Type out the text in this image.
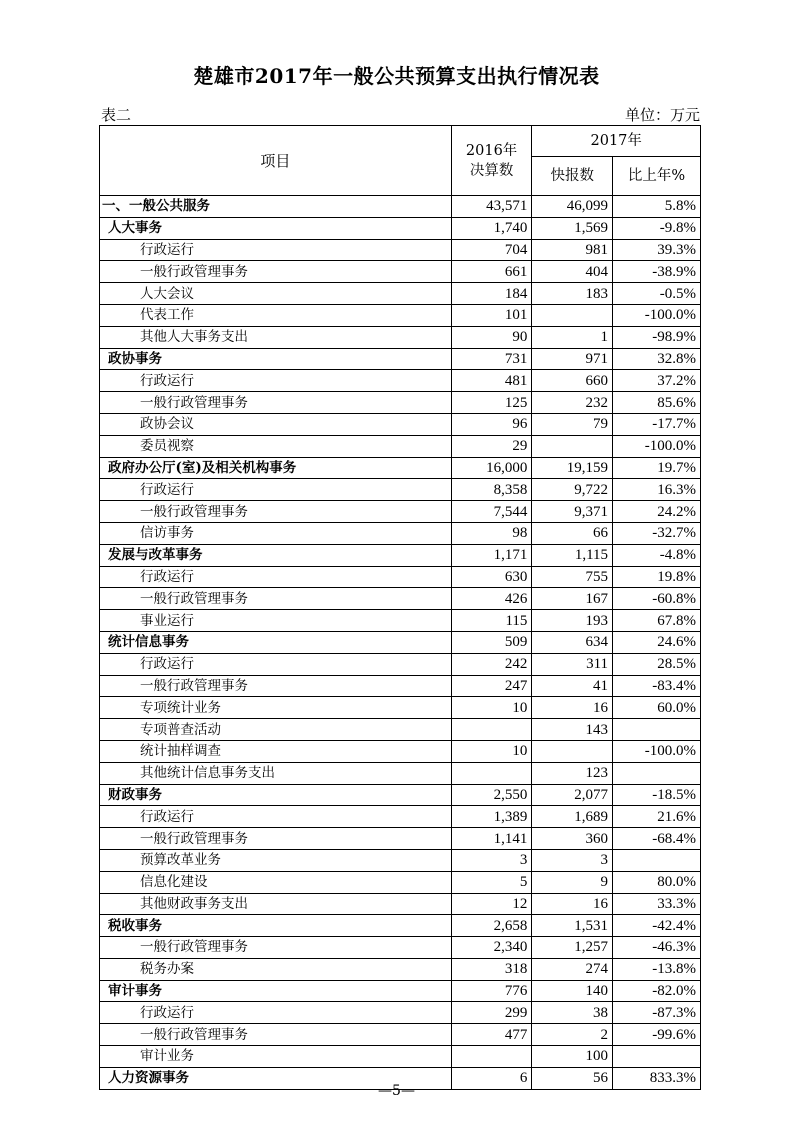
楚雄市2017年一般公共预算支出执行情况表
表二	单位：万元
项目	2016年决算数	2017年	
		快报数	比上年%
一、一般公共服务	43,571	46,099	5.8%
人大事务	1,740	1,569	-9.8%
行政运行	704	981	39.3%
一般行政管理事务	661	404	-38.9%
人大会议	184	183	-0.5%
代表工作	101		-100.0%
其他人大事务支出	90	1	-98.9%
政协事务	731	971	32.8%
行政运行	481	660	37.2%
一般行政管理事务	125	232	85.6%
政协会议	96	79	-17.7%
委员视察	29		-100.0%
政府办公厅(室)及相关机构事务	16,000	19,159	19.7%
行政运行	8,358	9,722	16.3%
一般行政管理事务	7,544	9,371	24.2%
信访事务	98	66	-32.7%
发展与改革事务	1,171	1,115	-4.8%
行政运行	630	755	19.8%
一般行政管理事务	426	167	-60.8%
事业运行	115	193	67.8%
统计信息事务	509	634	24.6%
行政运行	242	311	28.5%
一般行政管理事务	247	41	-83.4%
专项统计业务	10	16	60.0%
专项普查活动		143	
统计抽样调查	10		-100.0%
其他统计信息事务支出		123	
财政事务	2,550	2,077	-18.5%
行政运行	1,389	1,689	21.6%
一般行政管理事务	1,141	360	-68.4%
预算改革业务	3	3	
信息化建设	5	9	80.0%
其他财政事务支出	12	16	33.3%
税收事务	2,658	1,531	-42.4%
一般行政管理事务	2,340	1,257	-46.3%
税务办案	318	274	-13.8%
审计事务	776	140	-82.0%
行政运行	299	38	-87.3%
一般行政管理事务	477	2	-99.6%
审计业务		100	
人力资源事务	6	56	833.3%
—5—
